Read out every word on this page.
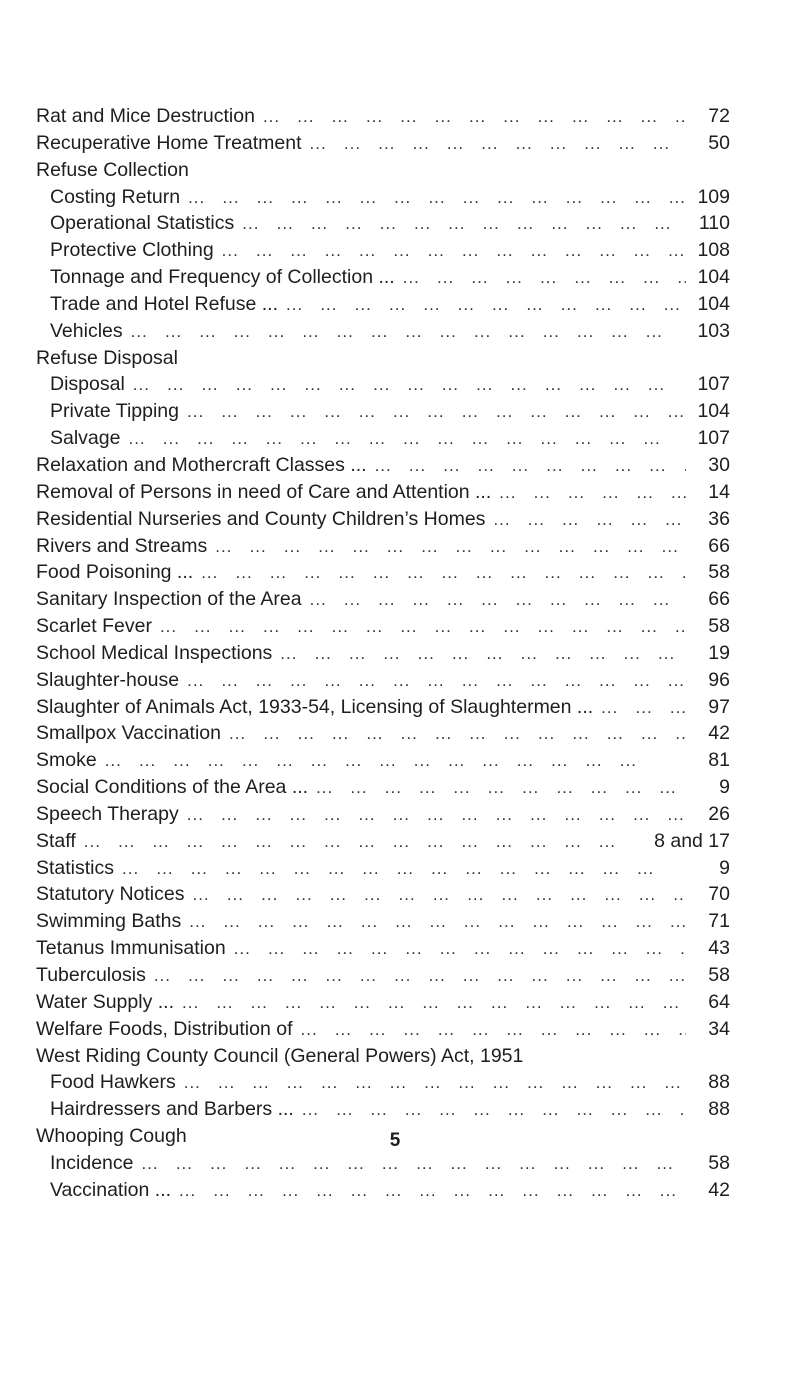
Rat and Mice Destruction ...	72
Recuperative Home Treatment ...	50
Refuse Collection
Costing Return ...	109
Operational Statistics ...	110
Protective Clothing ...	108
Tonnage and Frequency of Collection ... ...	104
Trade and Hotel Refuse ... ...	104
Vehicles ...	103
Refuse Disposal
Disposal ...	107
Private Tipping ...	104
Salvage ...	107
Relaxation and Mothercraft Classes ... ...	30
Removal of Persons in need of Care and Attention ... ...	14
Residential Nurseries and County Children’s Homes ...	36
Rivers and Streams ...	66
Food Poisoning ... ...	58
Sanitary Inspection of the Area ...	66
Scarlet Fever ...	58
School Medical Inspections ...	19
Slaughter-house ...	96
Slaughter of Animals Act, 1933-54, Licensing of Slaughtermen ... ...	97
Smallpox Vaccination ...	42
Smoke ...	81
Social Conditions of the Area ... ...	9
Speech Therapy ...	26
Staff ...	8 and 17
Statistics ...	9
Statutory Notices ...	70
Swimming Baths ...	71
Tetanus Immunisation ...	43
Tuberculosis ...	58
Water Supply ... ...	64
Welfare Foods, Distribution of ...	34
West Riding County Council (General Powers) Act, 1951
Food Hawkers ...	88
Hairdressers and Barbers ... ...	88
Whooping Cough
Incidence ...	58
Vaccination ... ...	42
5
